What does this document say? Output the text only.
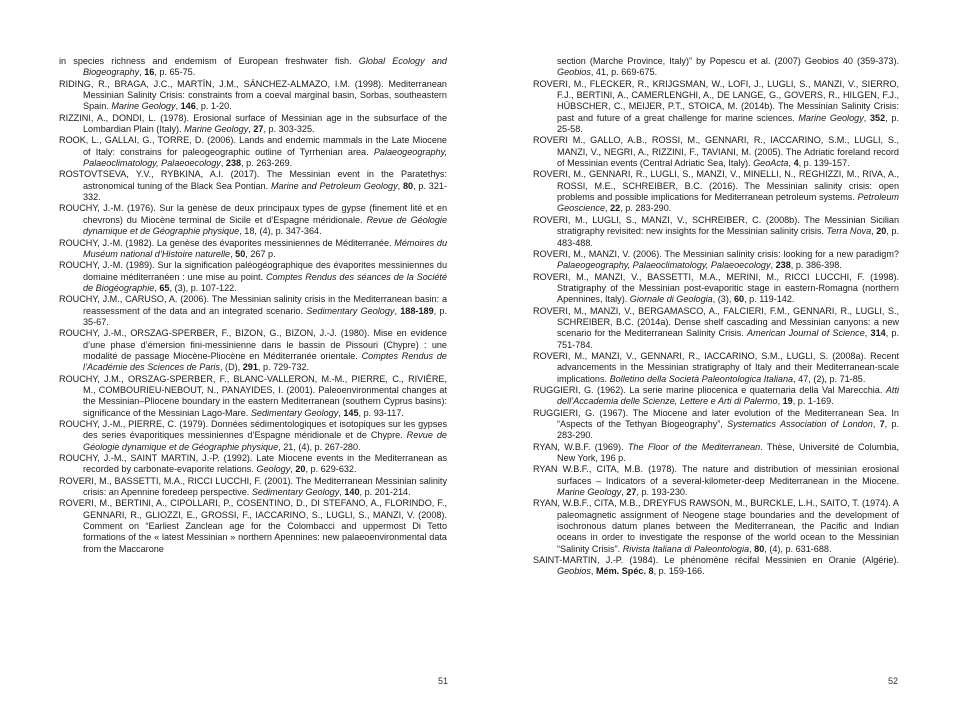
in species richness and endemism of European freshwater fish. Global Ecology and Biogeography, 16, p. 65-75.

RIDING, R., BRAGA, J.C., MARTÍN, J.M., SÁNCHEZ-ALMAZO, I.M. (1998). Mediterranean Messinian Salinity Crisis: constraints from a coeval marginal basin, Sorbas, southeastern Spain. Marine Geology, 146, p. 1-20.

RIZZINI, A., DONDI, L. (1978). Erosional surface of Messinian age in the subsurface of the Lombardian Plain (Italy). Marine Geology, 27, p. 303-325.

ROOK, L., GALLAI, G., TORRE, D. (2006). Lands and endemic mammals in the Late Miocene of Italy: constrains for paleogeographic outline of Tyrrhenian area. Palaeogeography, Palaeoclimatology, Palaeoecology, 238, p. 263-269.

ROSTOVTSEVA, Y.V., RYBKINA, A.I. (2017). The Messinian event in the Paratethys: astronomical tuning of the Black Sea Pontian. Marine and Petroleum Geology, 80, p. 321-332.

ROUCHY, J.-M. (1976). Sur la genèse de deux principaux types de gypse (finement lité et en chevrons) du Miocène terminal de Sicile et d’Espagne méridionale. Revue de Géologie dynamique et de Géographie physique, 18, (4), p. 347-364.

ROUCHY, J.-M. (1982). La genèse des évaporites messiniennes de Méditerranée. Mémoires du Muséum national d’Histoire naturelle, 50, 267 p.

ROUCHY, J.-M. (1989). Sur la signification paléogéographique des évaporites messiniennes du domaine méditerranéen : une mise au point. Comptes Rendus des séances de la Société de Biogéographie, 65, (3), p. 107-122.

ROUCHY, J.M., CARUSO, A. (2006). The Messinian salinity crisis in the Mediterranean basin: a reassessment of the data and an integrated scenario. Sedimentary Geology, 188-189, p. 35-67.

ROUCHY, J.-M., ORSZAG-SPERBER, F., BIZON, G., BIZON, J.-J. (1980). Mise en evidence d’une phase d’émersion fini-messinienne dans le bassin de Pissouri (Chypre) : une modalité de passage Miocène-Pliocène en Méditerranée orientale. Comptes Rendus de l’Académie des Sciences de Paris, (D), 291, p. 729-732.

ROUCHY, J.M., ORSZAG-SPERBER, F., BLANC-VALLERON, M.-M., PIERRE, C., RIVIÈRE, M., COMBOURIEU-NEBOUT, N., PANAYIDES, I. (2001). Paleoenvironmental changes at the Messinian–Pliocene boundary in the eastern Mediterranean (southern Cyprus basins): significance of the Messinian Lago-Mare. Sedimentary Geology, 145, p. 93-117.

ROUCHY, J.-M., PIERRE, C. (1979). Données sédimentologiques et isotopiques sur les gypses des series évaporitiques messiniennes d’Espagne méridionale et de Chypre. Revue de Géologie dynamique et de Géographie physique, 21, (4), p. 267-280.

ROUCHY, J.-M., SAINT MARTIN, J.-P. (1992). Late Miocene events in the Mediterranean as recorded by carbonate-evaporite relations. Geology, 20, p. 629-632.

ROVERI, M., BASSETTI, M.A., RICCI LUCCHI, F. (2001). The Mediterranean Messinian salinity crisis: an Apennine foredeep perspective. Sedimentary Geology, 140, p. 201-214.

ROVERI, M., BERTINI, A., CIPOLLARI, P., COSENTINO, D., DI STEFANO, A., FLORINDO, F., GENNARI, R., GLIOZZI, E., GROSSI, F., IACCARINO, S., LUGLI, S., MANZI, V. (2008). Comment on “Earliest Zanclean age for the Colombacci and uppermost Di Tetto formations of the « latest Messinian » northern Apennines: new palaeoenvironmental data from the Maccarone

51

section (Marche Province, Italy)” by Popescu et al. (2007) Geobios 40 (359-373). Geobios, 41, p. 669-675.

ROVERI, M., FLECKER, R., KRIJGSMAN, W., LOFI, J., LUGLI, S., MANZI, V., SIERRO, F.J., BERTINI, A., CAMERLENGHI, A., DE LANGE, G., GOVERS, R., HILGEN, F.J., HÜBSCHER, C., MEIJER, P.T., STOICA, M. (2014b). The Messinian Salinity Crisis: past and future of a great challenge for marine sciences. Marine Geology, 352, p. 25-58.

ROVERI M., GALLO, A.B., ROSSI, M., GENNARI, R., IACCARINO, S.M., LUGLI, S., MANZI, V., NEGRI, A., RIZZINI, F., TAVIANI, M. (2005). The Adriatic foreland record of Messinian events (Central Adriatic Sea, Italy). GeoActa, 4, p. 139-157.

ROVERI, M., GENNARI, R., LUGLI, S., MANZI, V., MINELLI, N., REGHIZZI, M., RIVA, A., ROSSI, M.E., SCHREIBER, B.C. (2016). The Messinian salinity crisis: open problems and possible implications for Mediterranean petroleum systems. Petroleum Geoscience, 22, p. 283-290.

ROVERI, M., LUGLI, S., MANZI, V., SCHREIBER, C. (2008b). The Messinian Sicilian stratigraphy revisited: new insights for the Messinian salinity crisis. Terra Nova, 20, p. 483-488.

ROVERI, M., MANZI, V. (2006). The Messinian salinity crisis: looking for a new paradigm? Palaeogeography, Palaeoclimatology, Palaeoecology, 238, p. 386-398.

ROVERI, M., MANZI, V., BASSETTI, M.A., MERINI, M., RICCI LUCCHI, F. (1998). Stratigraphy of the Messinian post-evaporitic stage in eastern-Romagna (northern Apennines, Italy). Giornale di Geologia, (3), 60, p. 119-142.

ROVERI, M., MANZI, V., BERGAMASCO, A., FALCIERI, F.M., GENNARI, R., LUGLI, S., SCHREIBER, B.C. (2014a). Dense shelf cascading and Messinian canyons: a new scenario for the Mediterranean Salinity Crisis. American Journal of Science, 314, p. 751-784.

ROVERI, M., MANZI, V., GENNARI, R., IACCARINO, S.M., LUGLI, S. (2008a). Recent advancements in the Messinian stratigraphy of Italy and their Mediterranean-scale implications. Bolletino della Società Paleontologica Italiana, 47, (2), p. 71-85.

RUGGIERI, G. (1962). La serie marine pliocenica e quaternaria della Val Marecchia. Atti dell’Accademia delle Scienze, Lettere e Arti di Palermo, 19, p. 1-169.

RUGGIERI, G. (1967). The Miocene and later evolution of the Mediterranean Sea. In “Aspects of the Tethyan Biogeography”, Systematics Association of London, 7, p. 283-290.

RYAN, W.B.F. (1969). The Floor of the Mediterranean. Thèse, Université de Columbia, New York, 196 p.

RYAN W.B.F., CITA, M.B. (1978). The nature and distribution of messinian erosional surfaces – Indicators of a several-kilometer-deep Mediterranean in the Miocene. Marine Geology, 27, p. 193-230.

RYAN, W.B.F., CITA, M.B., DREYFUS RAWSON, M., BURCKLE, L.H., SAITO, T. (1974). A paleomagnetic assignment of Neogene stage boundaries and the development of isochronous datum planes between the Mediterranean, the Pacific and Indian oceans in order to investigate the response of the world ocean to the Messinian “Salinity Crisis”. Rivista Italiana di Paleontologia, 80, (4), p. 631-688.

SAINT-MARTIN, J.-P. (1984). Le phénomène récifal Messinien en Oranie (Algérie). Geobios, Mém. Spéc. 8, p. 159-166.

52
